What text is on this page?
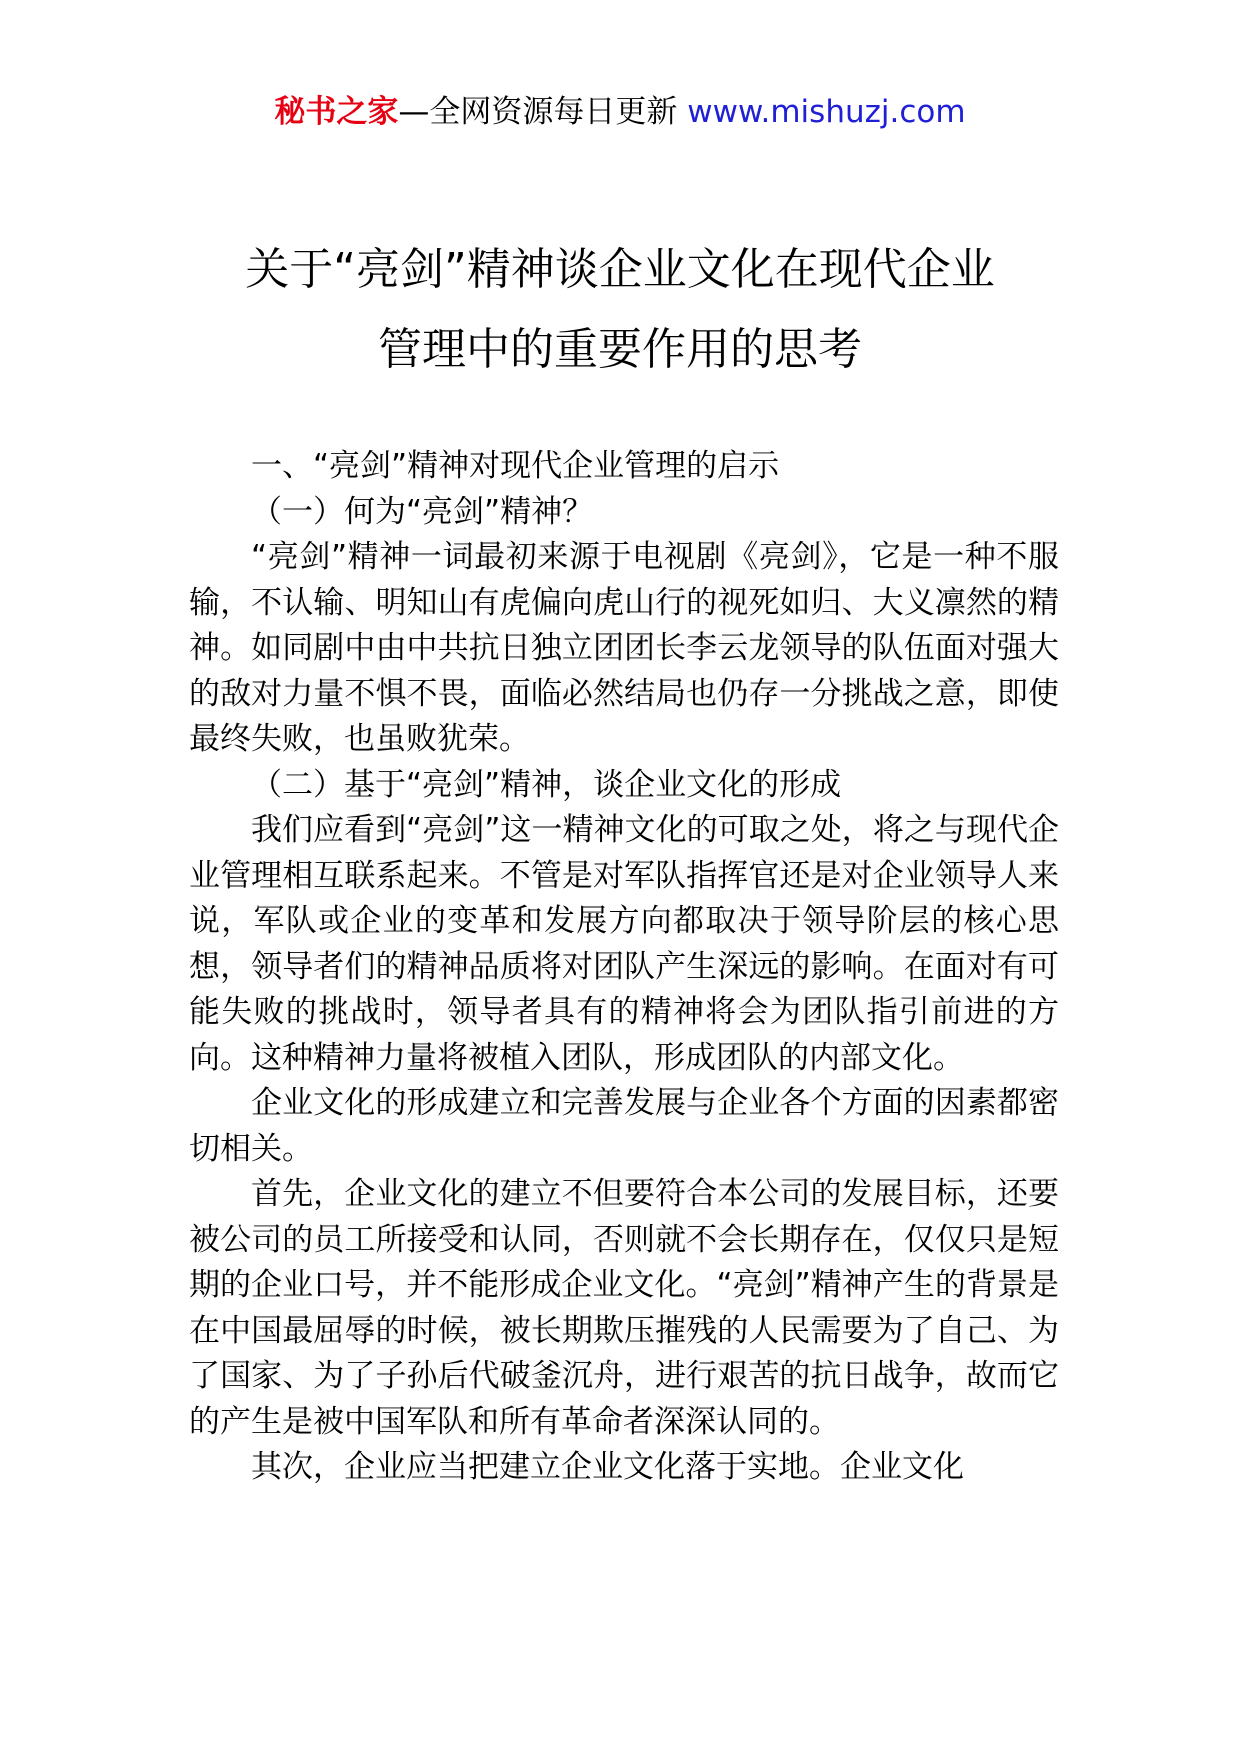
秘书之家—全网资源每日更新 www.mishuzj.com
关于“亮剑”精神谈企业文化在现代企业
管理中的重要作用的思考

一、“亮剑”精神对现代企业管理的启示

（一）何为“亮剑”精神？

“亮剑”精神一词最初来源于电视剧《亮剑》，它是一种不服输，不认输、明知山有虎偏向虎山行的视死如归、大义凛然的精神。如同剧中由中共抗日独立团团长李云龙领导的队伍面对强大的敌对力量不惧不畏，面临必然结局也仍存一分挑战之意，即使最终失败，也虽败犹荣。

（二）基于“亮剑”精神，谈企业文化的形成

我们应看到“亮剑”这一精神文化的可取之处，将之与现代企业管理相互联系起来。不管是对军队指挥官还是对企业领导人来说，军队或企业的变革和发展方向都取决于领导阶层的核心思想，领导者们的精神品质将对团队产生深远的影响。在面对有可能失败的挑战时，领导者具有的精神将会为团队指引前进的方向。这种精神力量将被植入团队，形成团队的内部文化。

企业文化的形成建立和完善发展与企业各个方面的因素都密切相关。

首先，企业文化的建立不但要符合本公司的发展目标，还要被公司的员工所接受和认同，否则就不会长期存在，仅仅只是短期的企业口号，并不能形成企业文化。“亮剑”精神产生的背景是在中国最屈辱的时候，被长期欺压摧残的人民需要为了自己、为了国家、为了子孙后代破釜沉舟，进行艰苦的抗日战争，故而它的产生是被中国军队和所有革命者深深认同的。

其次，企业应当把建立企业文化落于实地。企业文化
